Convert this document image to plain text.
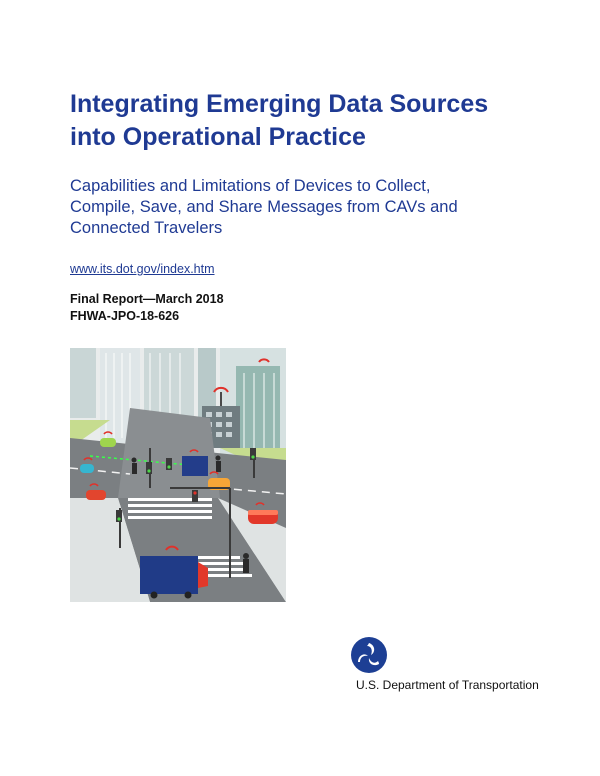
Integrating Emerging Data Sources
into Operational Practice

Capabilities and Limitations of Devices to Collect,
Compile, Save, and Share Messages from CAVs and
Connected Travelers

www.its.dot.gov/index.htm
Final Report—March 2018
FHWA-JPO-18-626
U.S. Department of Transportation
